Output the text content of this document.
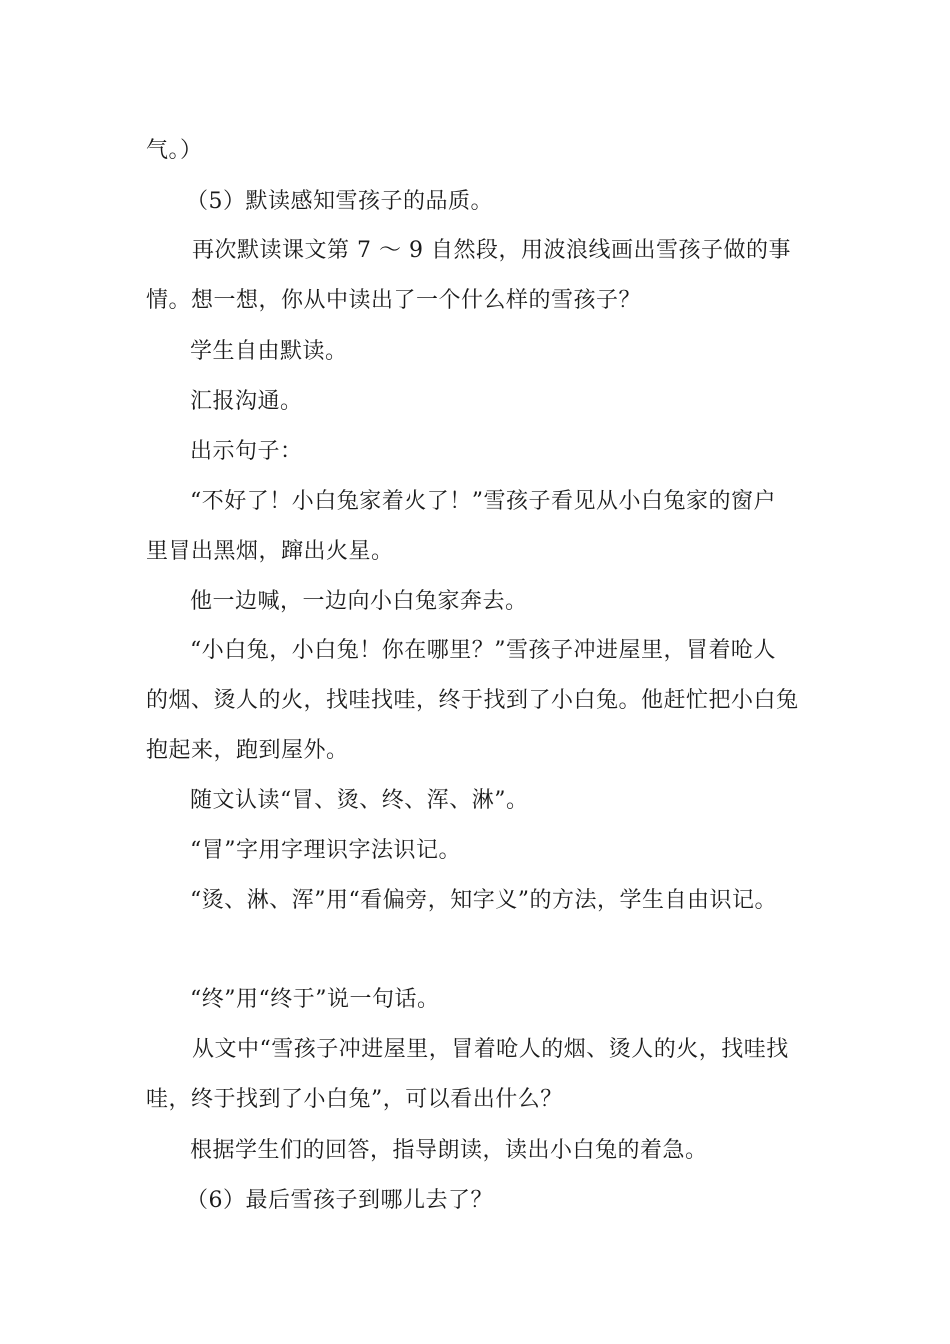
气。）
（5）默读感知雪孩子的品质。
再次默读课文第 7 ～ 9 自然段，用波浪线画出雪孩子做的事
情。想一想，你从中读出了一个什么样的雪孩子？
学生自由默读。
汇报沟通。
出示句子：
“不好了！小白兔家着火了！”雪孩子看见从小白兔家的窗户
里冒出黑烟，蹿出火星。
他一边喊，一边向小白兔家奔去。
“小白兔，小白兔！你在哪里？”雪孩子冲进屋里，冒着呛人
的烟、烫人的火，找哇找哇，终于找到了小白兔。他赶忙把小白兔
抱起来，跑到屋外。
随文认读“冒、烫、终、浑、淋”。
“冒”字用字理识字法识记。
“烫、淋、浑”用“看偏旁，知字义”的方法，学生自由识记。
“终”用“终于”说一句话。
从文中“雪孩子冲进屋里，冒着呛人的烟、烫人的火，找哇找
哇，终于找到了小白兔”，可以看出什么？
根据学生们的回答，指导朗读，读出小白兔的着急。
（6）最后雪孩子到哪儿去了？
